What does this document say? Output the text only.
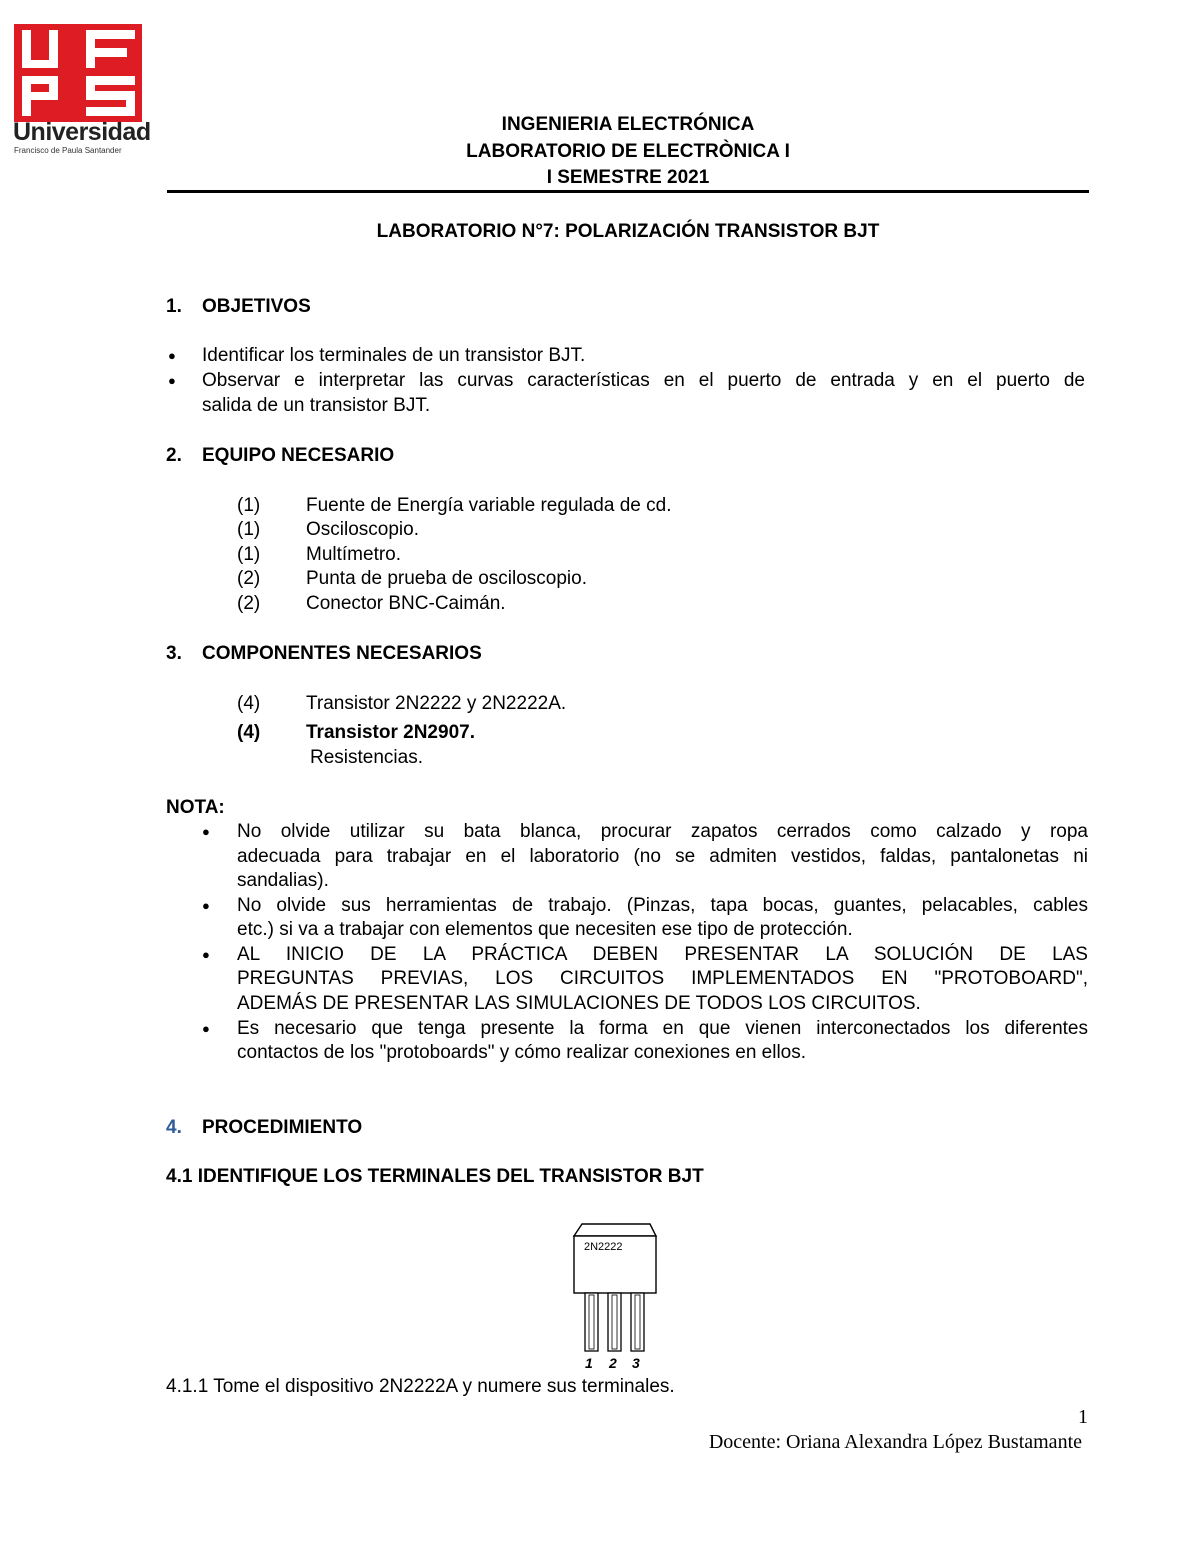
Universidad
Francisco de Paula Santander
INGENIERIA ELECTRÓNICA
LABORATORIO DE ELECTRÒNICA I
I SEMESTRE 2021
LABORATORIO N°7: POLARIZACIÓN TRANSISTOR BJT
1. OBJETIVOS
● Identificar los terminales de un transistor BJT.
● Observar e interpretar las curvas características en el puerto de entrada y en el puerto de
salida de un transistor BJT.
2. EQUIPO NECESARIO
(1) Fuente de Energía variable regulada de cd.
(1) Osciloscopio.
(1) Multímetro.
(2) Punta de prueba de osciloscopio.
(2) Conector BNC-Caimán.
3. COMPONENTES NECESARIOS
(4) Transistor 2N2222 y 2N2222A.
(4) Transistor 2N2907.
Resistencias.
NOTA:
● No olvide utilizar su bata blanca, procurar zapatos cerrados como calzado y ropa
adecuada para trabajar en el laboratorio (no se admiten vestidos, faldas, pantalonetas ni
sandalias).
● No olvide sus herramientas de trabajo. (Pinzas, tapa bocas, guantes, pelacables, cables
etc.) si va a trabajar con elementos que necesiten ese tipo de protección.
● AL INICIO DE LA PRÁCTICA DEBEN PRESENTAR LA SOLUCIÓN DE LAS
PREGUNTAS PREVIAS, LOS CIRCUITOS IMPLEMENTADOS EN "PROTOBOARD",
ADEMÁS DE PRESENTAR LAS SIMULACIONES DE TODOS LOS CIRCUITOS.
● Es necesario que tenga presente la forma en que vienen interconectados los diferentes
contactos de los "protoboards" y cómo realizar conexiones en ellos.
4. PROCEDIMIENTO
4.1 IDENTIFIQUE LOS TERMINALES DEL TRANSISTOR BJT
2N2222
1 2 3
4.1.1 Tome el dispositivo 2N2222A y numere sus terminales.
1
Docente: Oriana Alexandra López Bustamante
